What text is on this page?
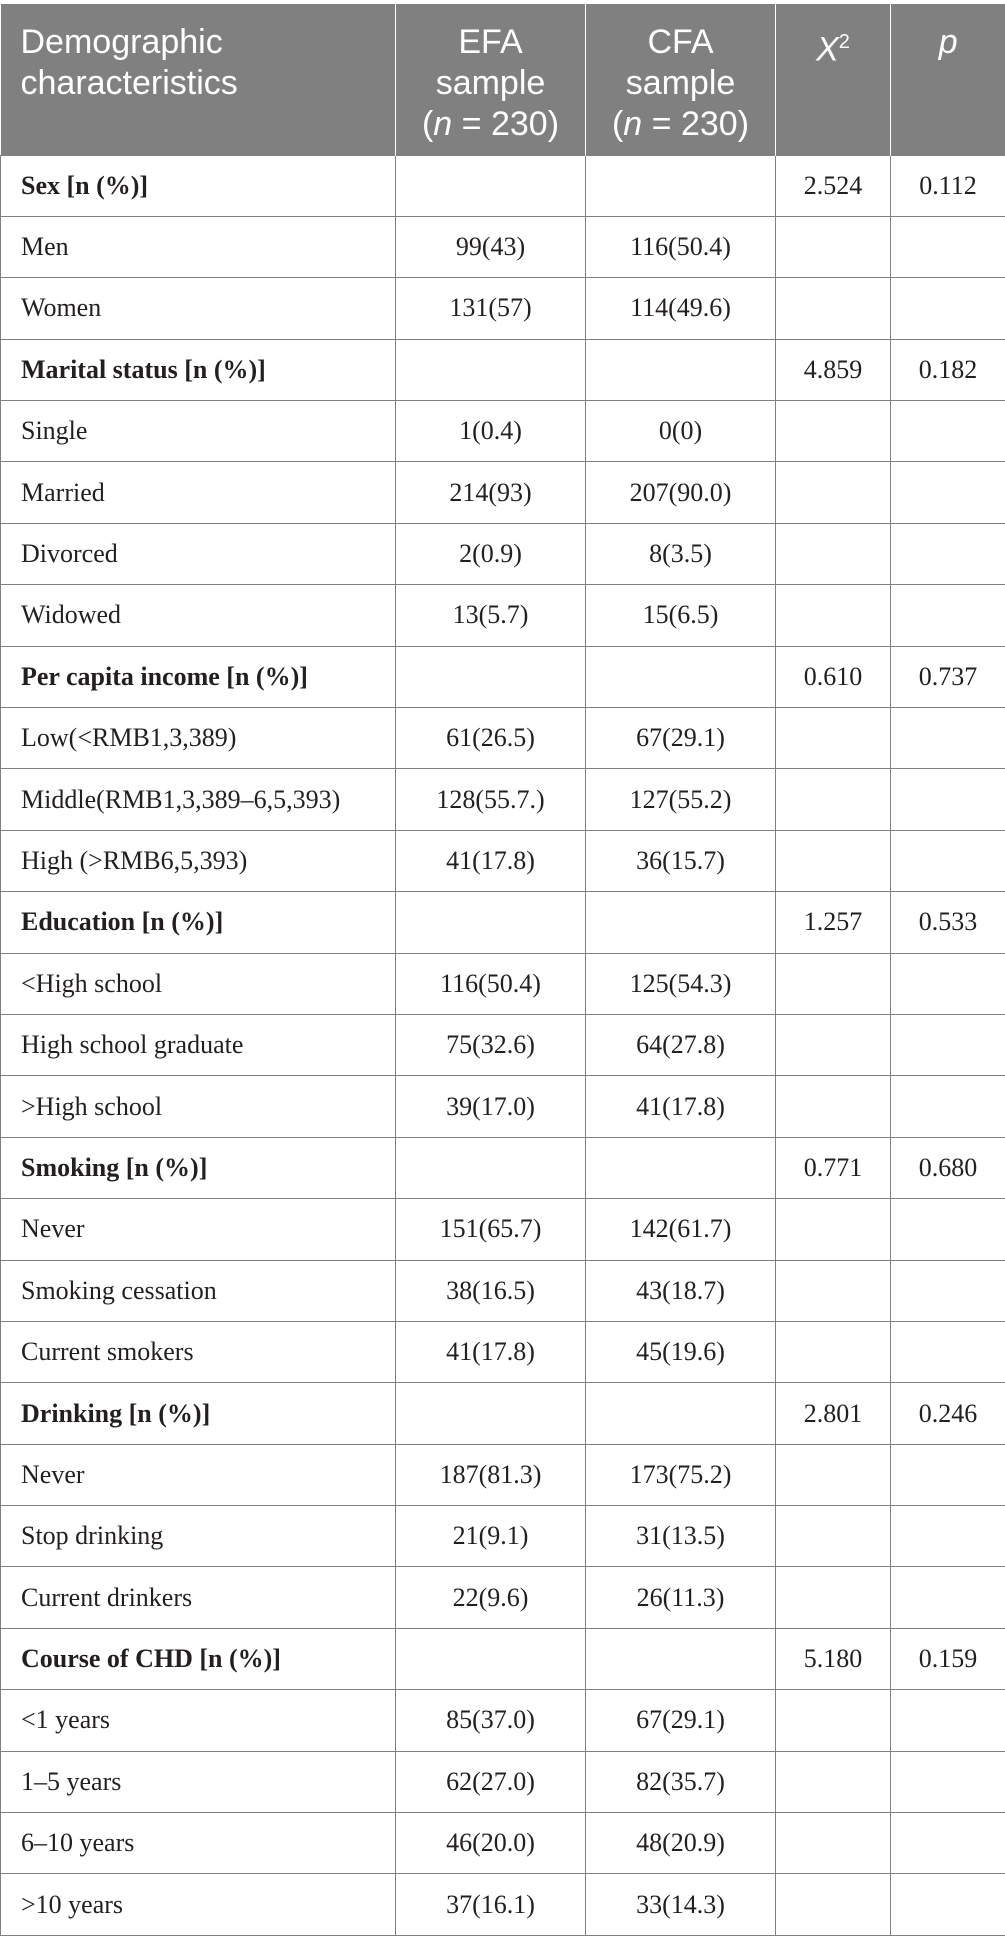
Demographic characteristics	EFA
sample
(n = 230)	CFA
sample
(n = 230)	$X^2$	p
Sex [n (%)]			2.524	0.112
Men	99(43)	116(50.4)		
Women	131(57)	114(49.6)		
Marital status [n (%)]			4.859	0.182
Single	1(0.4)	0(0)		
Married	214(93)	207(90.0)		
Divorced	2(0.9)	8(3.5)		
Widowed	13(5.7)	15(6.5)		
Per capita income [n (%)]			0.610	0.737
Low(<RMB1,3,389)	61(26.5)	67(29.1)		
Middle(RMB1,3,389–6,5,393)	128(55.7.)	127(55.2)		
High (>RMB6,5,393)	41(17.8)	36(15.7)		
Education [n (%)]			1.257	0.533
<High school	116(50.4)	125(54.3)		
High school graduate	75(32.6)	64(27.8)		
>High school	39(17.0)	41(17.8)		
Smoking [n (%)]			0.771	0.680
Never	151(65.7)	142(61.7)		
Smoking cessation	38(16.5)	43(18.7)		
Current smokers	41(17.8)	45(19.6)		
Drinking [n (%)]			2.801	0.246
Never	187(81.3)	173(75.2)		
Stop drinking	21(9.1)	31(13.5)		
Current drinkers	22(9.6)	26(11.3)		
Course of CHD [n (%)]			5.180	0.159
<1 years	85(37.0)	67(29.1)		
1–5 years	62(27.0)	82(35.7)		
6–10 years	46(20.0)	48(20.9)		
>10 years	37(16.1)	33(14.3)		
